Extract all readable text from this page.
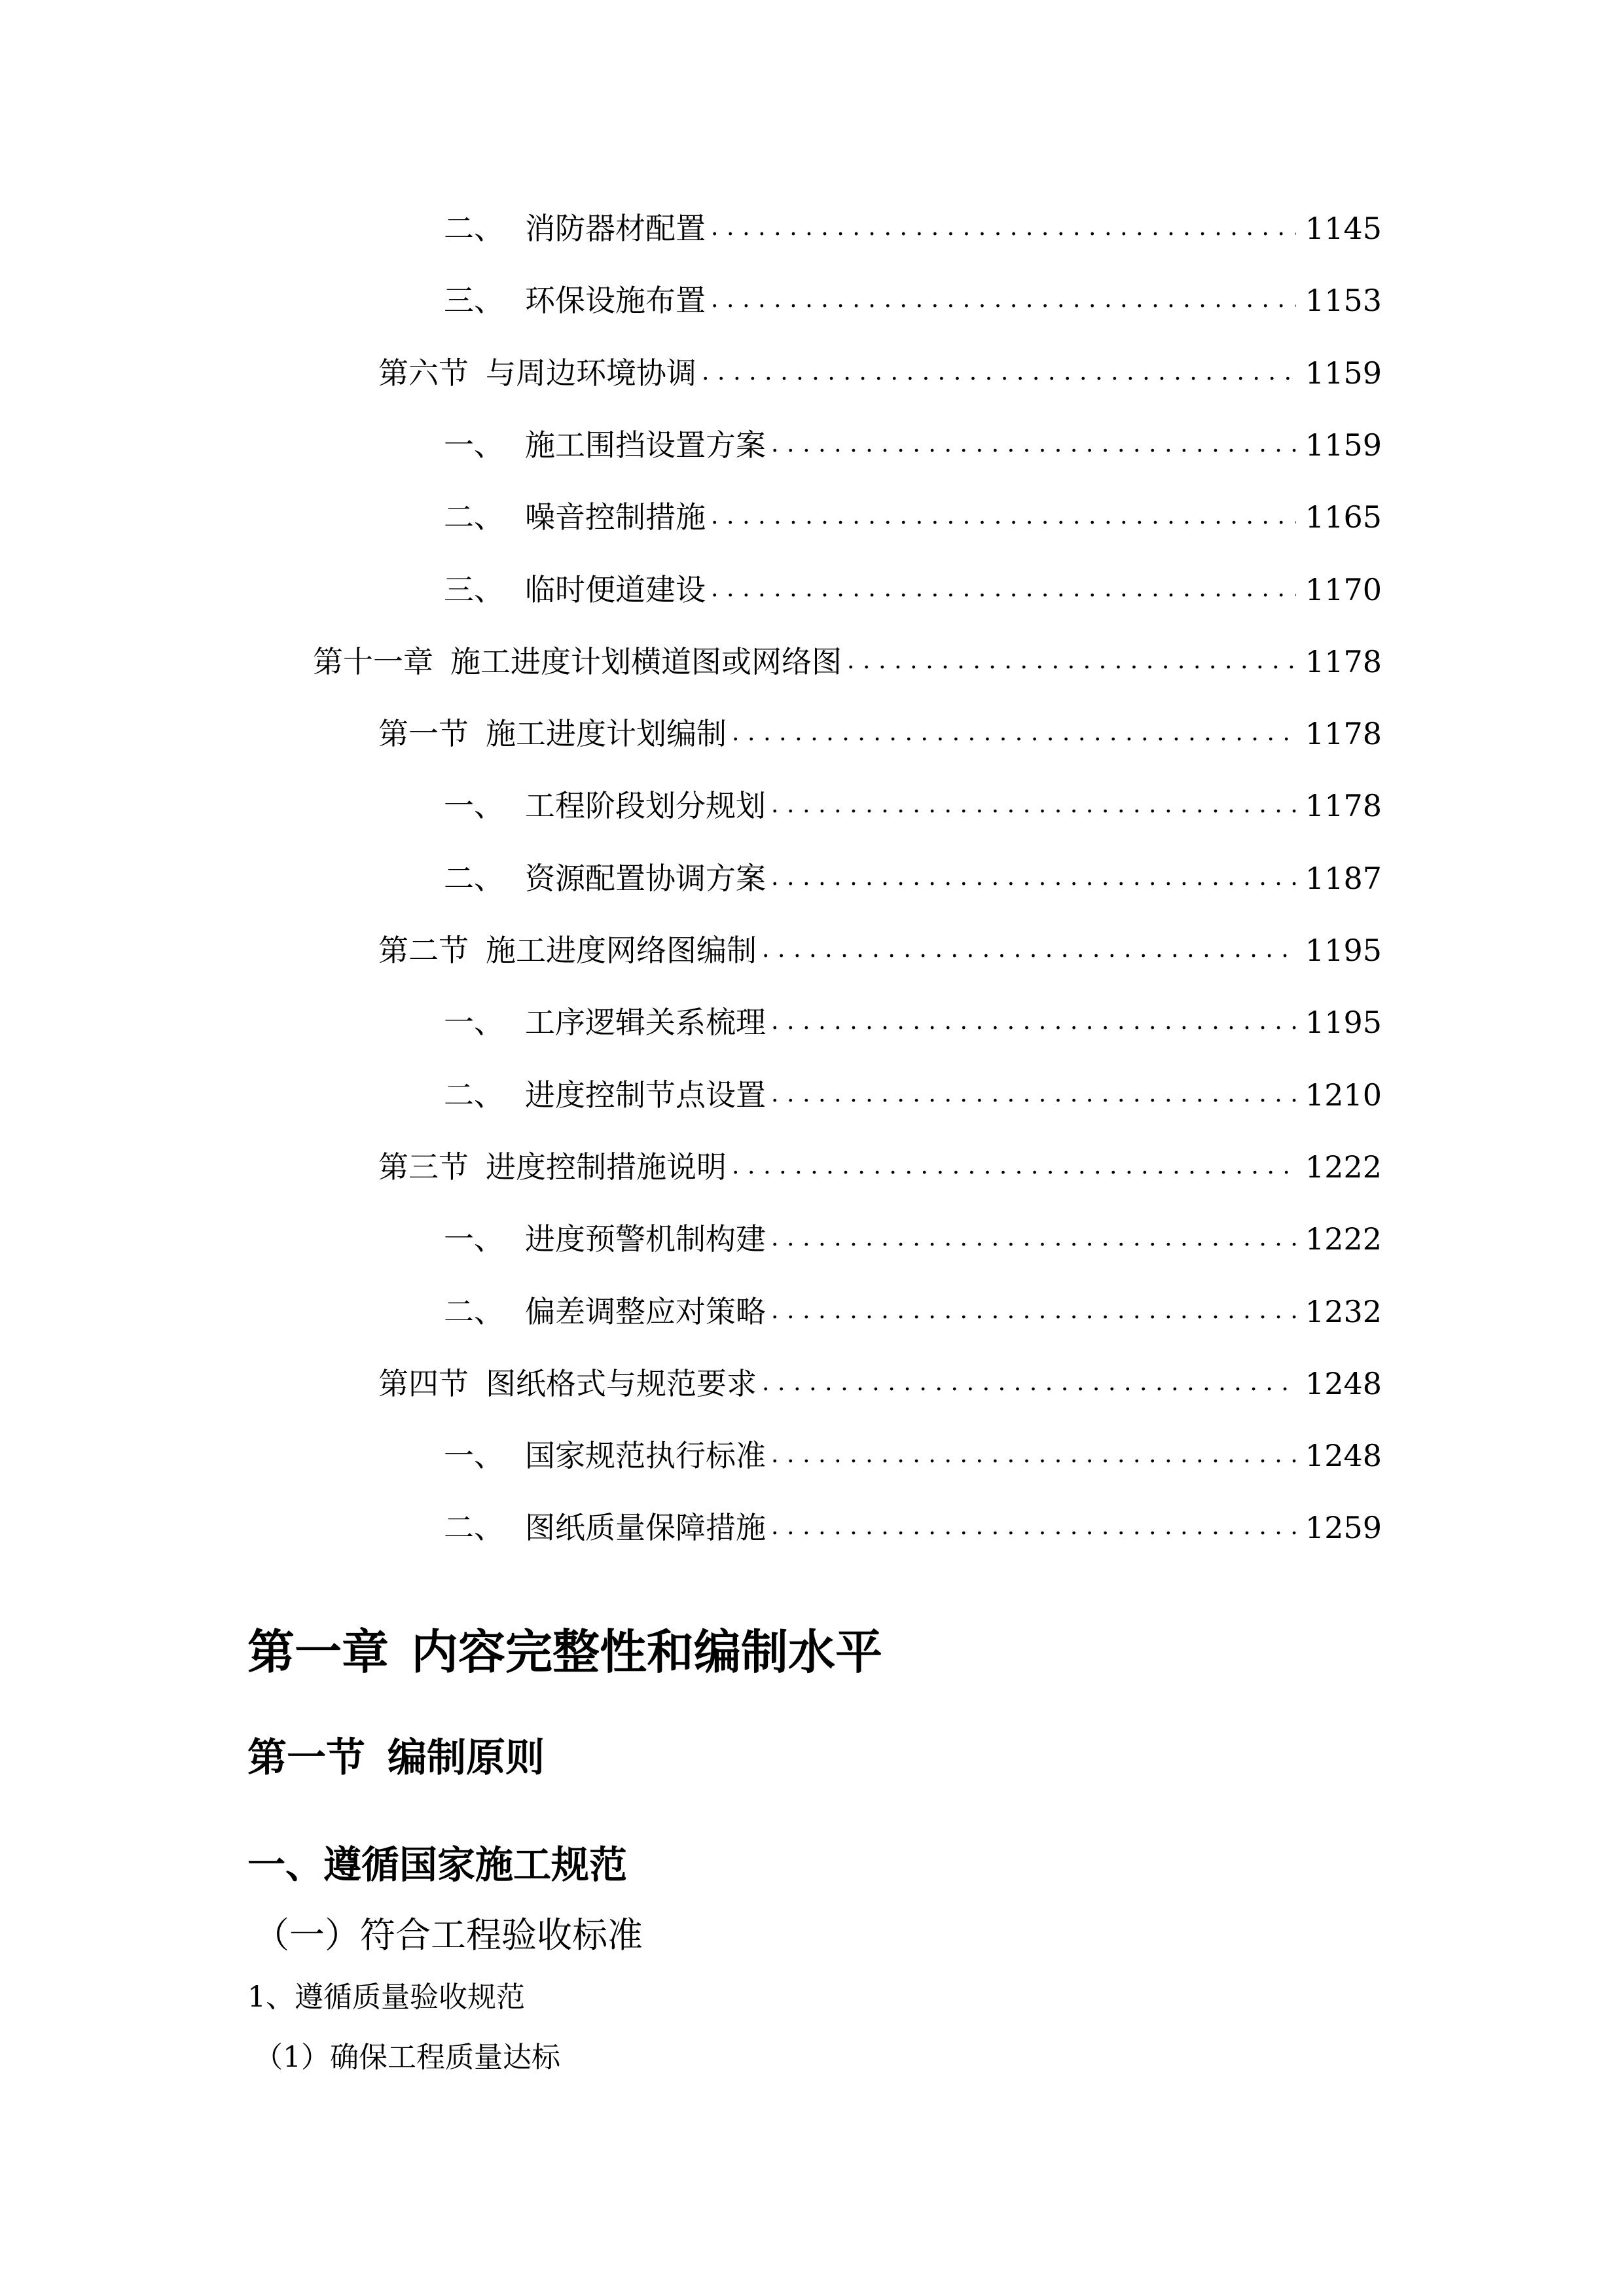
二、 消防器材配置 .....	1145
三、 环保设施布置 .....	1153
第六节 与周边环境协调 .....	1159
一、 施工围挡设置方案 .....	1159
二、 噪音控制措施 .....	1165
三、 临时便道建设 .....	1170
第十一章 施工进度计划横道图或网络图 .....	1178
第一节 施工进度计划编制 .....	1178
一、 工程阶段划分规划 .....	1178
二、 资源配置协调方案 .....	1187
第二节 施工进度网络图编制 .....	1195
一、 工序逻辑关系梳理 .....	1195
二、 进度控制节点设置 .....	1210
第三节 进度控制措施说明 .....	1222
一、 进度预警机制构建 .....	1222
二、 偏差调整应对策略 .....	1232
第四节 图纸格式与规范要求 .....	1248
一、 国家规范执行标准 .....	1248
二、 图纸质量保障措施 .....	1259
第一章 内容完整性和编制水平
第一节 编制原则
一、遵循国家施工规范
（一）符合工程验收标准
1、遵循质量验收规范
（1）确保工程质量达标
